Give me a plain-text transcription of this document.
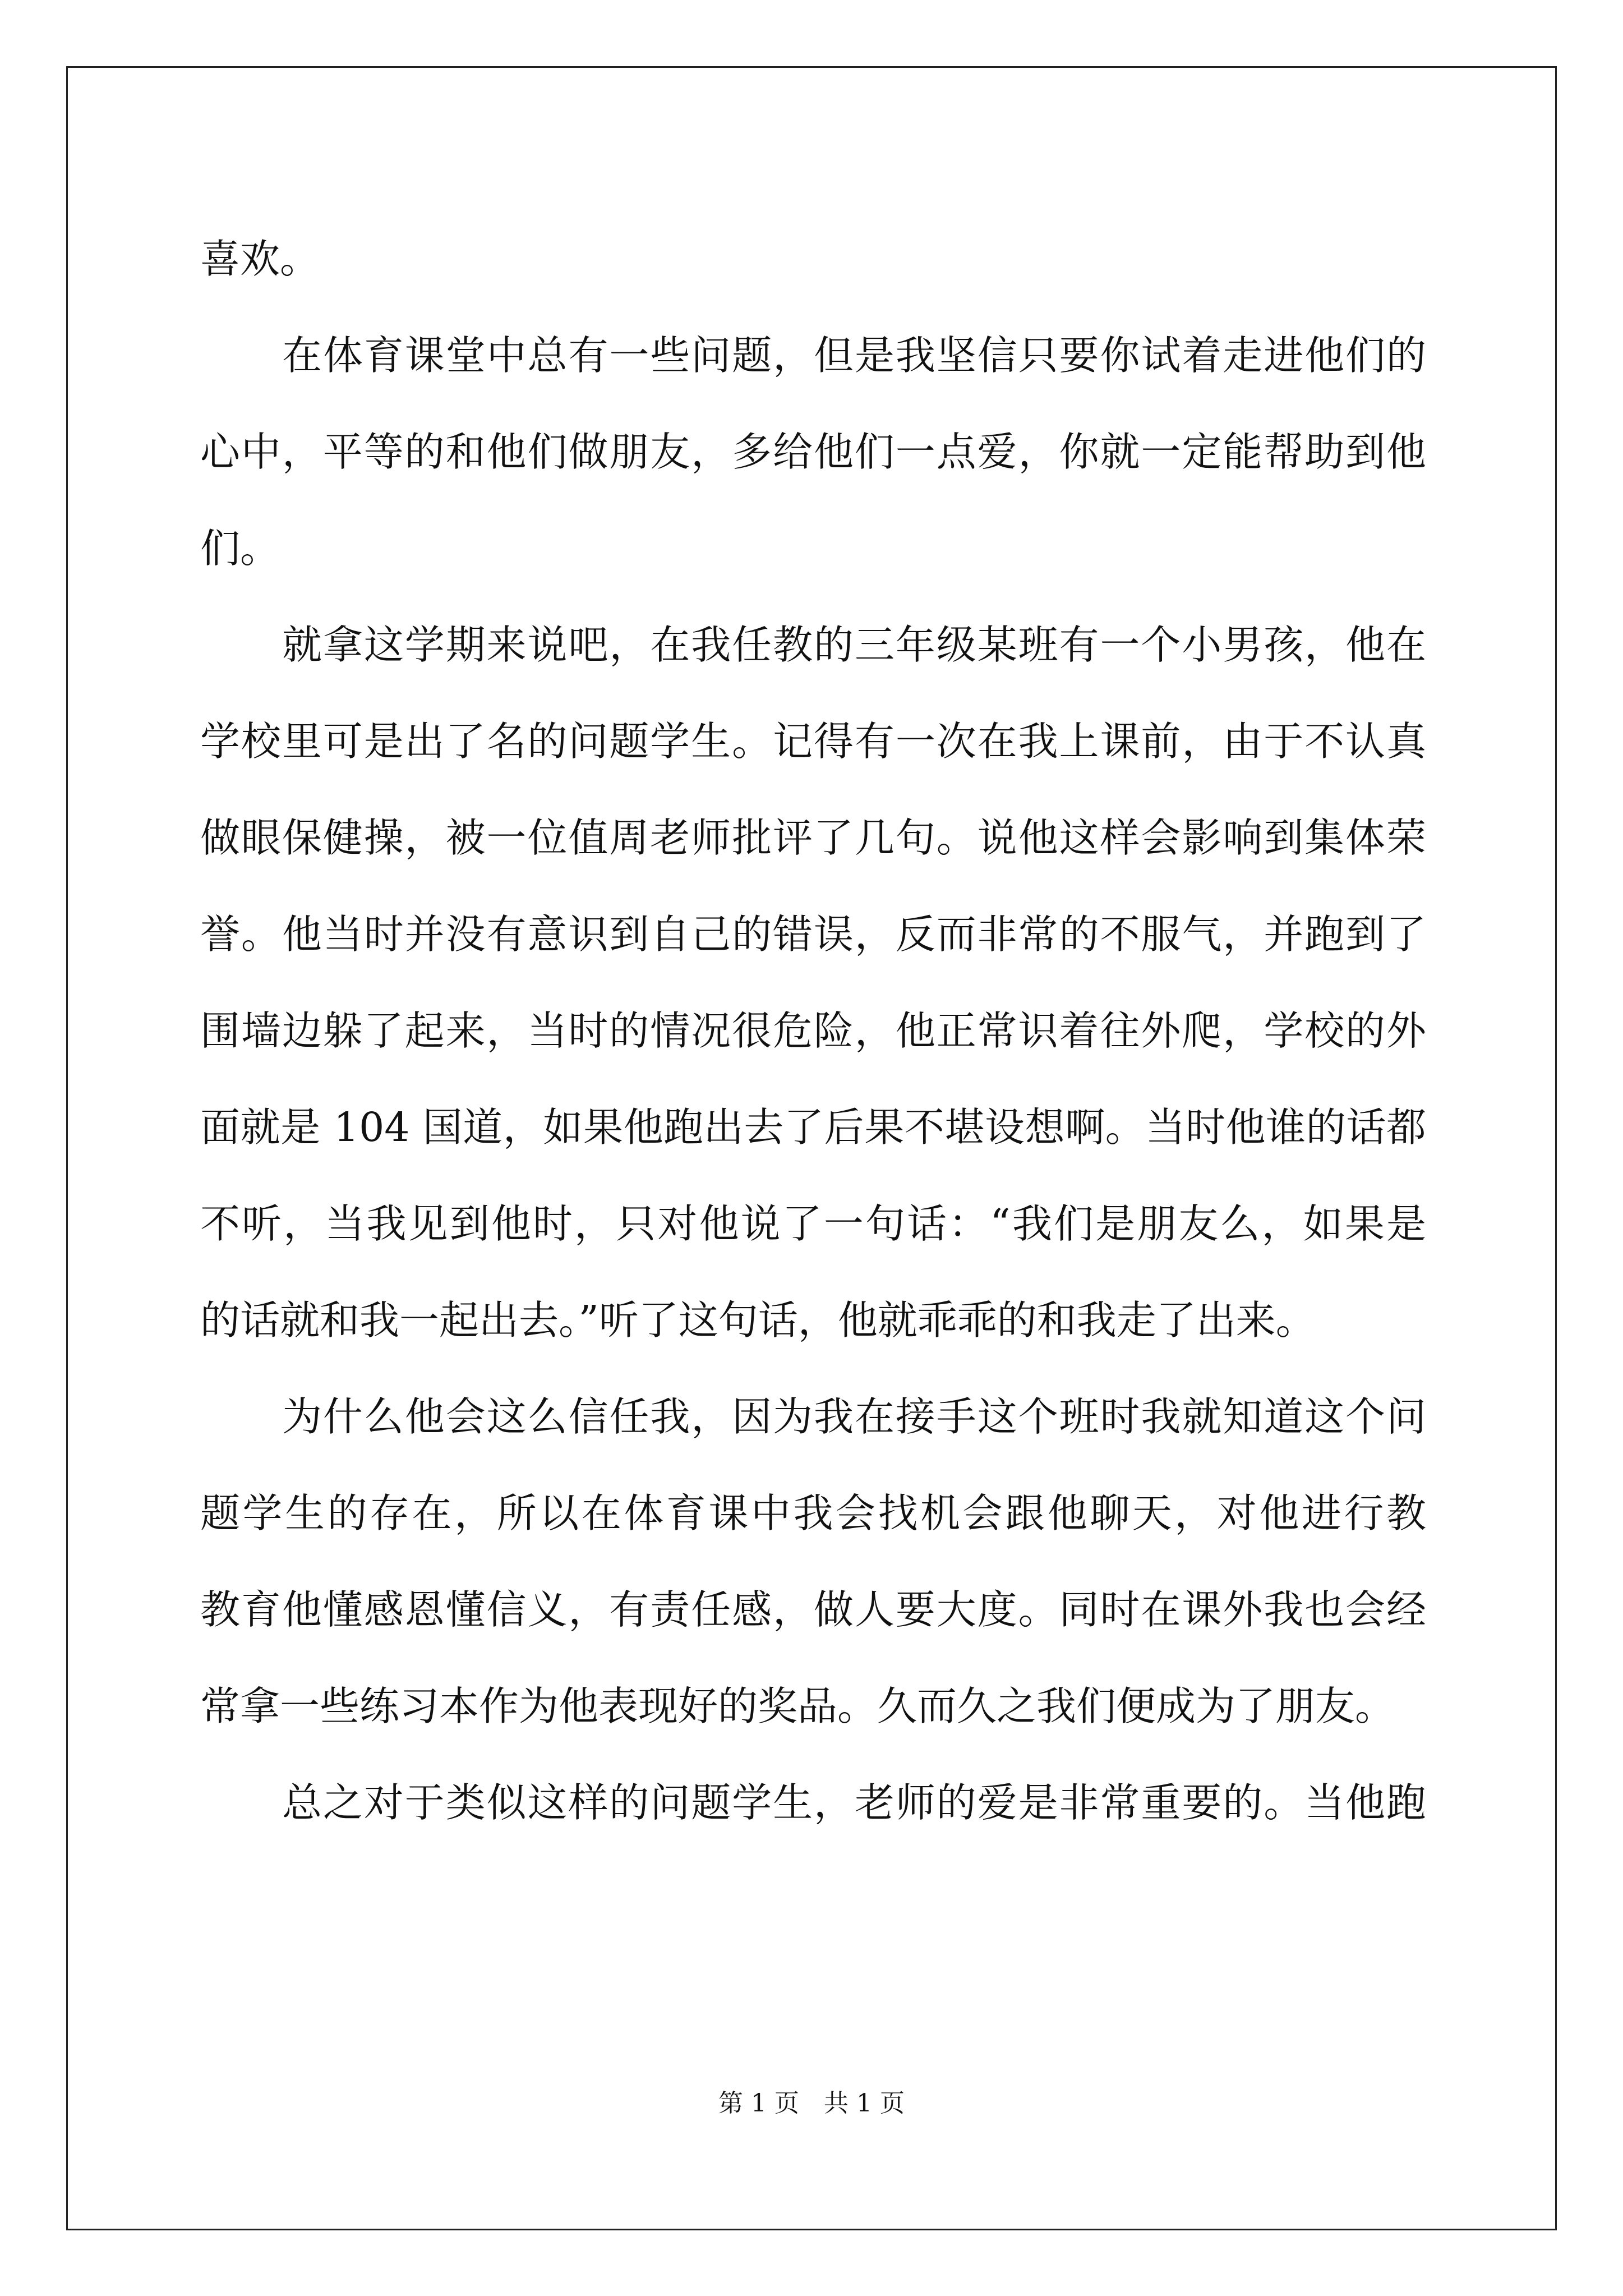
喜欢。
在体育课堂中总有一些问题，但是我坚信只要你试着走进他们的
心中，平等的和他们做朋友，多给他们一点爱，你就一定能帮助到他
们。
就拿这学期来说吧，在我任教的三年级某班有一个小男孩，他在
学校里可是出了名的问题学生。记得有一次在我上课前，由于不认真
做眼保健操，被一位值周老师批评了几句。说他这样会影响到集体荣
誉。他当时并没有意识到自己的错误，反而非常的不服气，并跑到了
围墙边躲了起来，当时的情况很危险，他正常识着往外爬，学校的外
面就是 104 国道，如果他跑出去了后果不堪设想啊。当时他谁的话都
不听，当我见到他时，只对他说了一句话：“我们是朋友么，如果是
的话就和我一起出去。”听了这句话，他就乖乖的和我走了出来。
为什么他会这么信任我，因为我在接手这个班时我就知道这个问
题学生的存在，所以在体育课中我会找机会跟他聊天，对他进行教
教育他懂感恩懂信义，有责任感，做人要大度。同时在课外我也会经
常拿一些练习本作为他表现好的奖品。久而久之我们便成为了朋友。
总之对于类似这样的问题学生，老师的爱是非常重要的。当他跑
第 1 页　共 1 页
